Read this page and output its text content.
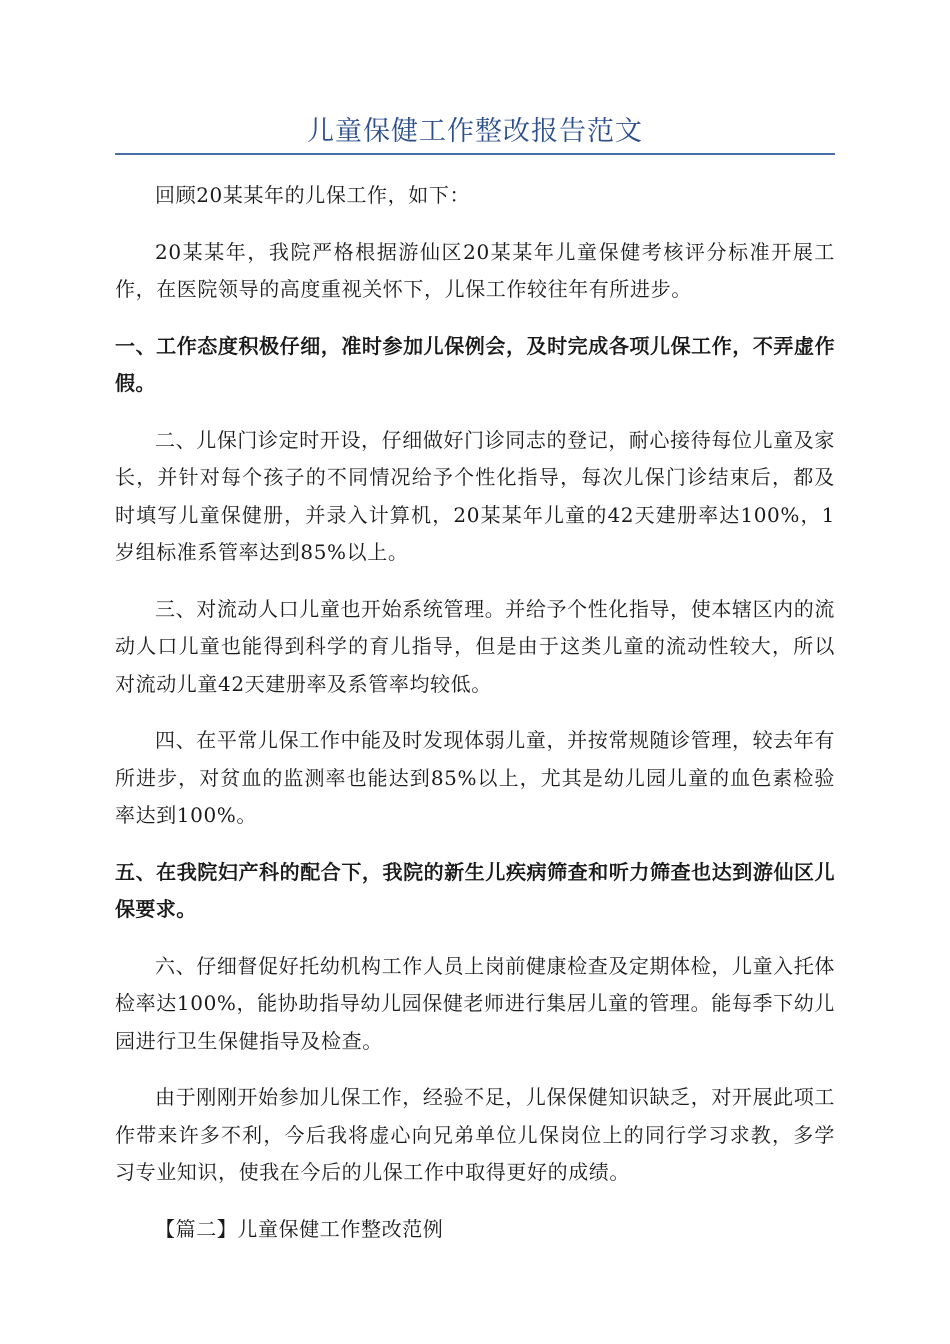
儿童保健工作整改报告范文

回顾20某某年的儿保工作，如下：

20某某年，我院严格根据游仙区20某某年儿童保健考核评分标准开展工作，在医院领导的高度重视关怀下，儿保工作较往年有所进步。

一、工作态度积极仔细，准时参加儿保例会，及时完成各项儿保工作，不弄虚作假。

二、儿保门诊定时开设，仔细做好门诊同志的登记，耐心接待每位儿童及家长，并针对每个孩子的不同情况给予个性化指导，每次儿保门诊结束后，都及时填写儿童保健册，并录入计算机，20某某年儿童的42天建册率达100%，1岁组标准系管率达到85%以上。

三、对流动人口儿童也开始系统管理。并给予个性化指导，使本辖区内的流动人口儿童也能得到科学的育儿指导，但是由于这类儿童的流动性较大，所以对流动儿童42天建册率及系管率均较低。

四、在平常儿保工作中能及时发现体弱儿童，并按常规随诊管理，较去年有所进步，对贫血的监测率也能达到85%以上，尤其是幼儿园儿童的血色素检验率达到100%。

五、在我院妇产科的配合下，我院的新生儿疾病筛查和听力筛查也达到游仙区儿保要求。

六、仔细督促好托幼机构工作人员上岗前健康检查及定期体检，儿童入托体检率达100%，能协助指导幼儿园保健老师进行集居儿童的管理。能每季下幼儿园进行卫生保健指导及检查。

由于刚刚开始参加儿保工作，经验不足，儿保保健知识缺乏，对开展此项工作带来许多不利，今后我将虚心向兄弟单位儿保岗位上的同行学习求教，多学习专业知识，使我在今后的儿保工作中取得更好的成绩。

【篇二】儿童保健工作整改范例
